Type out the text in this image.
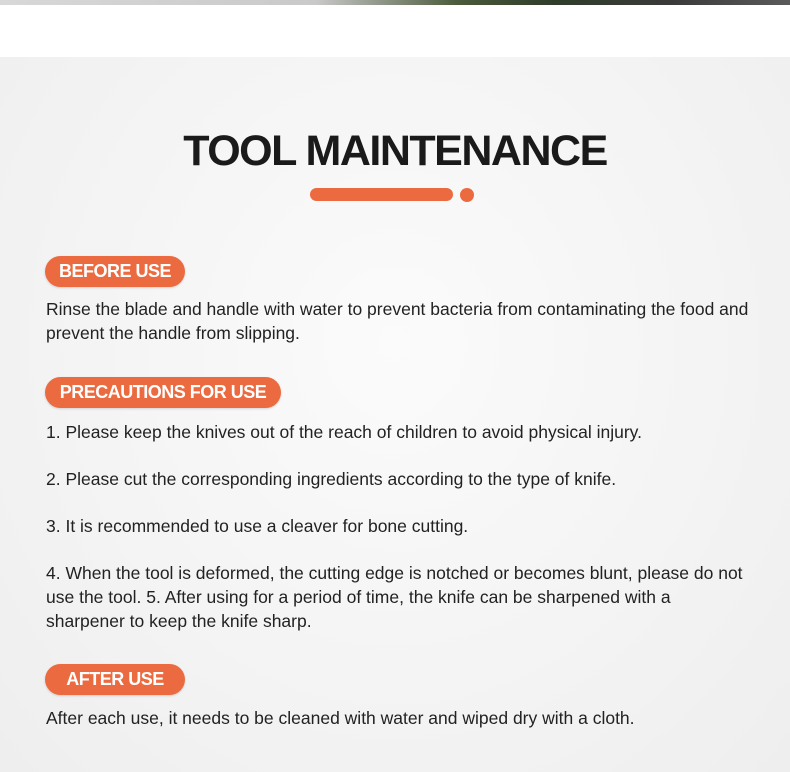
TOOL MAINTENANCE
BEFORE USE
Rinse the blade and handle with water to prevent bacteria from contaminating the food and prevent the handle from slipping.
PRECAUTIONS FOR USE
1. Please keep the knives out of the reach of children to avoid physical injury.
2. Please cut the corresponding ingredients according to the type of knife.
3. It is recommended to use a cleaver for bone cutting.
4. When the tool is deformed, the cutting edge is notched or becomes blunt, please do not use the tool. 5. After using for a period of time, the knife can be sharpened with a sharpener to keep the knife sharp.
AFTER USE
After each use, it needs to be cleaned with water and wiped dry with a cloth.
